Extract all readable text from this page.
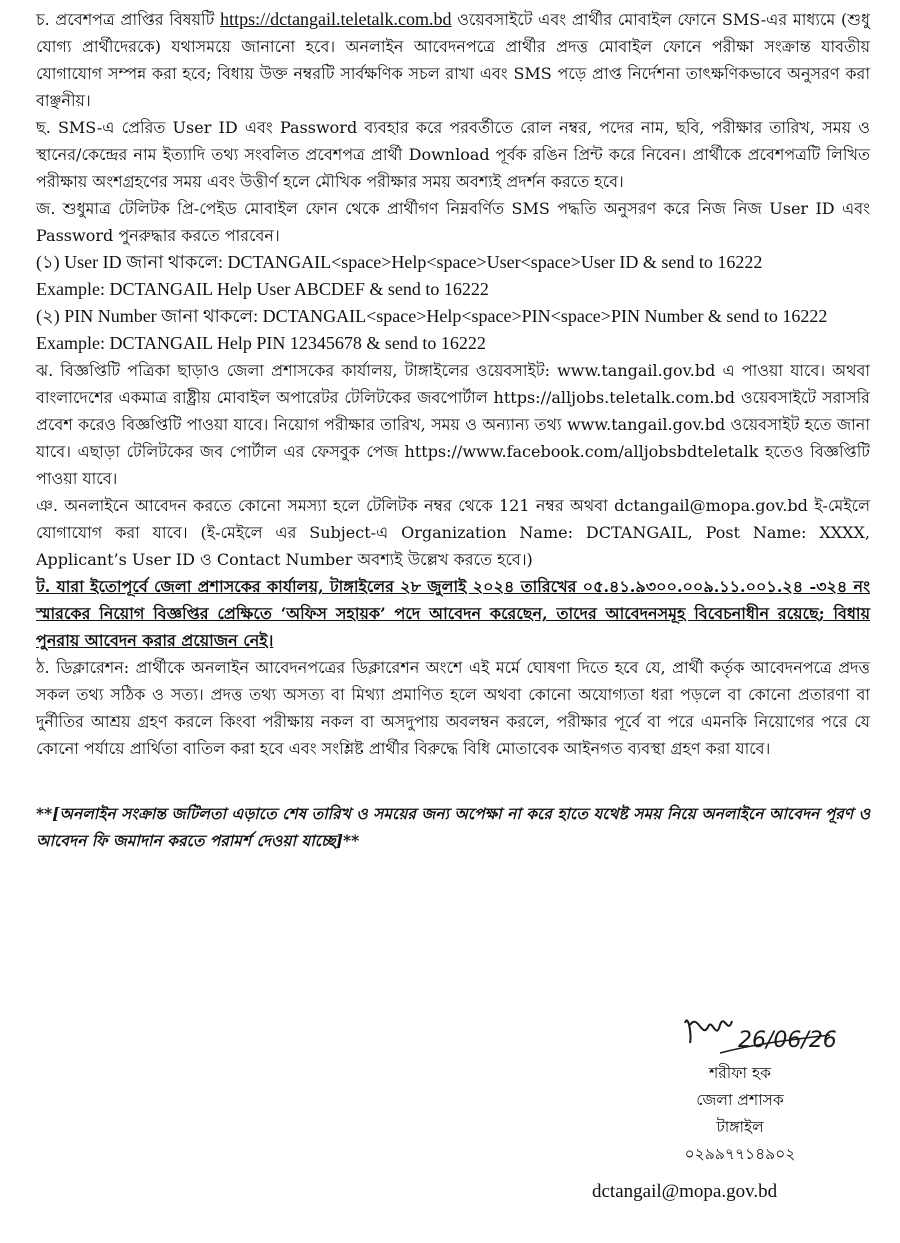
চ. প্রবেশপত্র প্রাপ্তির বিষয়টি https://dctangail.teletalk.com.bd ওয়েবসাইটে এবং প্রার্থীর মোবাইল ফোনে SMS-এর মাধ্যমে (শুধু যোগ্য প্রার্থীদেরকে) যথাসময়ে জানানো হবে। অনলাইন আবেদনপত্রে প্রার্থীর প্রদত্ত মোবাইল ফোনে পরীক্ষা সংক্রান্ত যাবতীয় যোগাযোগ সম্পন্ন করা হবে; বিধায় উক্ত নম্বরটি সার্বক্ষণিক সচল রাখা এবং SMS পড়ে প্রাপ্ত নির্দেশনা তাৎক্ষণিকভাবে অনুসরণ করা বাঞ্ছনীয়।

ছ. SMS-এ প্রেরিত User ID এবং Password ব্যবহার করে পরবর্তীতে রোল নম্বর, পদের নাম, ছবি, পরীক্ষার তারিখ, সময় ও স্থানের/কেন্দ্রের নাম ইত্যাদি তথ্য সংবলিত প্রবেশপত্র প্রার্থী Download পূর্বক রঙিন প্রিন্ট করে নিবেন। প্রার্থীকে প্রবেশপত্রটি লিখিত পরীক্ষায় অংশগ্রহণের সময় এবং উত্তীর্ণ হলে মৌখিক পরীক্ষার সময় অবশ্যই প্রদর্শন করতে হবে।

জ. শুধুমাত্র টেলিটক প্রি-পেইড মোবাইল ফোন থেকে প্রার্থীগণ নিম্নবর্ণিত SMS পদ্ধতি অনুসরণ করে নিজ নিজ User ID এবং Password পুনরুদ্ধার করতে পারবেন।

(১) User ID জানা থাকলে: DCTANGAIL<space>Help<space>User<space>User ID & send to 16222

Example: DCTANGAIL Help User ABCDEF & send to 16222

(২) PIN Number জানা থাকলে: DCTANGAIL<space>Help<space>PIN<space>PIN Number & send to 16222

Example: DCTANGAIL Help PIN 12345678 & send to 16222

ঝ. বিজ্ঞপ্তিটি পত্রিকা ছাড়াও জেলা প্রশাসকের কার্যালয়, টাঙ্গাইলের ওয়েবসাইট: www.tangail.gov.bd এ পাওয়া যাবে। অথবা বাংলাদেশের একমাত্র রাষ্ট্রীয় মোবাইল অপারেটর টেলিটকের জবপোর্টাল https://alljobs.teletalk.com.bd ওয়েবসাইটে সরাসরি প্রবেশ করেও বিজ্ঞপ্তিটি পাওয়া যাবে। নিয়োগ পরীক্ষার তারিখ, সময় ও অন্যান্য তথ্য www.tangail.gov.bd ওয়েবসাইট হতে জানা যাবে। এছাড়া টেলিটকের জব পোর্টাল এর ফেসবুক পেজ https://www.facebook.com/alljobsbdteletalk হতেও বিজ্ঞপ্তিটি পাওয়া যাবে।

ঞ. অনলাইনে আবেদন করতে কোনো সমস্যা হলে টেলিটক নম্বর থেকে 121 নম্বর অথবা dctangail@mopa.gov.bd ই-মেইলে যোগাযোগ করা যাবে। (ই-মেইলে এর Subject-এ Organization Name: DCTANGAIL, Post Name: XXXX, Applicant’s User ID ও Contact Number অবশ্যই উল্লেখ করতে হবে।)

ট. যারা ইতোপূর্বে জেলা প্রশাসকের কার্যালয়, টাঙ্গাইলের ২৮ জুলাই ২০২৪ তারিখের ০৫.৪১.৯৩০০.০০৯.১১.০০১.২৪ -৩২৪ নং স্মারকের নিয়োগ বিজ্ঞপ্তির প্রেক্ষিতে ‘অফিস সহায়ক’ পদে আবেদন করেছেন, তাদের আবেদনসমূহ বিবেচনাধীন রয়েছে; বিধায় পুনরায় আবেদন করার প্রয়োজন নেই।

ঠ. ডিক্লারেশন: প্রার্থীকে অনলাইন আবেদনপত্রের ডিক্লারেশন অংশে এই মর্মে ঘোষণা দিতে হবে যে, প্রার্থী কর্তৃক আবেদনপত্রে প্রদত্ত সকল তথ্য সঠিক ও সত্য। প্রদত্ত তথ্য অসত্য বা মিথ্যা প্রমাণিত হলে অথবা কোনো অযোগ্যতা ধরা পড়লে বা কোনো প্রতারণা বা দুর্নীতির আশ্রয় গ্রহণ করলে কিংবা পরীক্ষায় নকল বা অসদুপায় অবলম্বন করলে, পরীক্ষার পূর্বে বা পরে এমনকি নিয়োগের পরে যে কোনো পর্যায়ে প্রার্থিতা বাতিল করা হবে এবং সংশ্লিষ্ট প্রার্থীর বিরুদ্ধে বিধি মোতাবেক আইনগত ব্যবস্থা গ্রহণ করা যাবে।

**[অনলাইন সংক্রান্ত জটিলতা এড়াতে শেষ তারিখ ও সময়ের জন্য অপেক্ষা না করে হাতে যথেষ্ট সময় নিয়ে অনলাইনে আবেদন পূরণ ও আবেদন ফি জমাদান করতে পরামর্শ দেওয়া যাচ্ছে]**

26/06/26
শরীফা হক
জেলা প্রশাসক
টাঙ্গাইল
০২৯৯৭৭১৪৯০২
dctangail@mopa.gov.bd
